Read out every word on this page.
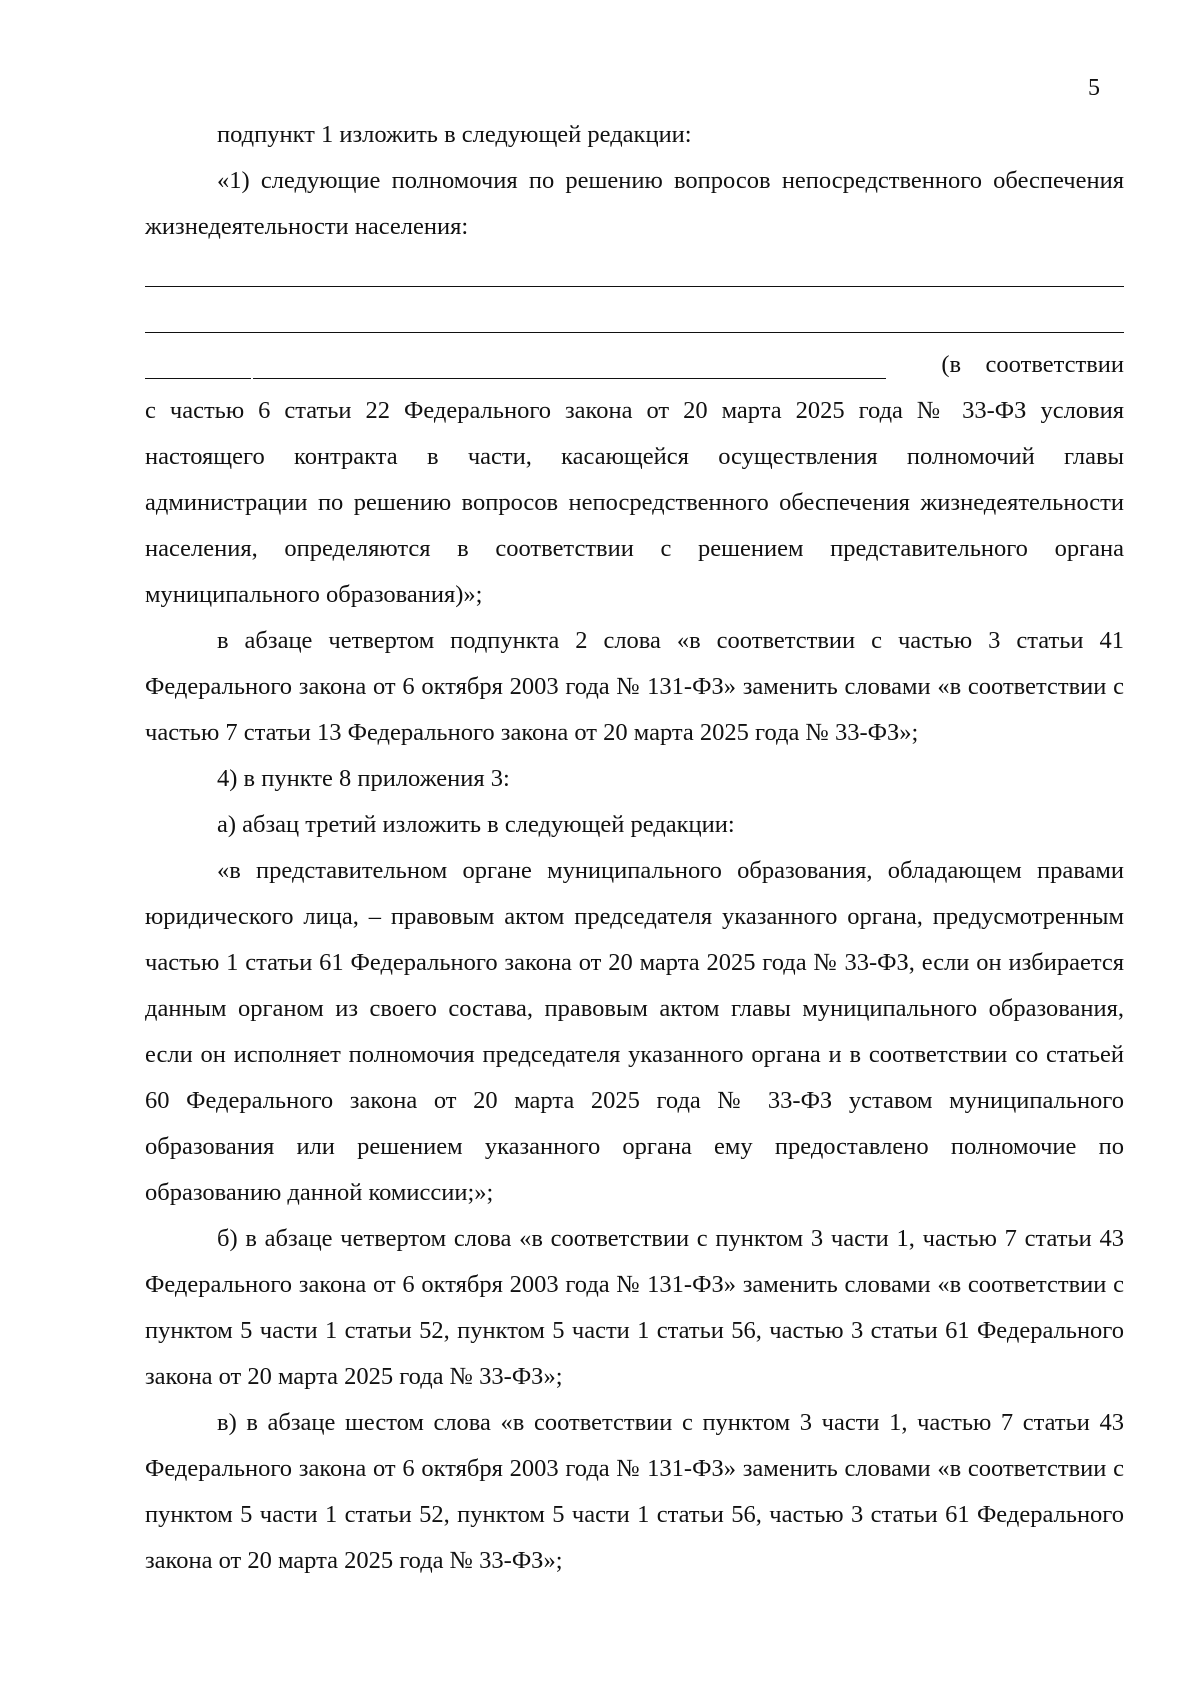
5

подпункт 1 изложить в следующей редакции:

«1) следующие полномочия по решению вопросов непосредственного обеспечения жизнедеятельности населения:

(в    соответствии

с частью 6 статьи 22 Федерального закона от 20 марта 2025 года № 33-ФЗ условия настоящего контракта в части, касающейся осуществления полномочий главы администрации по решению вопросов непосредственного обеспечения жизнедеятельности населения, определяются в соответствии с решением представительного органа муниципального образования)»;

в абзаце четвертом подпункта 2 слова «в соответствии с частью 3 статьи 41 Федерального закона от 6 октября 2003 года № 131-ФЗ» заменить словами «в соответствии с частью 7 статьи 13 Федерального закона от 20 марта 2025 года № 33-ФЗ»;

4) в пункте 8 приложения 3:

а) абзац третий изложить в следующей редакции:

«в представительном органе муниципального образования, обладающем правами юридического лица, – правовым актом председателя указанного органа, предусмотренным частью 1 статьи 61 Федерального закона от 20 марта 2025 года № 33-ФЗ, если он избирается данным органом из своего состава, правовым актом главы муниципального образования, если он исполняет полномочия председателя указанного органа и в соответствии со статьей 60 Федерального закона от 20 марта 2025 года № 33-ФЗ уставом муниципального образования или решением указанного органа ему предоставлено полномочие по образованию данной комиссии;»;

б) в абзаце четвертом слова «в соответствии с пунктом 3 части 1, частью 7 статьи 43 Федерального закона от 6 октября 2003 года № 131-ФЗ» заменить словами «в соответствии с пунктом 5 части 1 статьи 52, пунктом 5 части 1 статьи 56, частью 3 статьи 61 Федерального закона от 20 марта 2025 года № 33-ФЗ»;

в) в абзаце шестом слова «в соответствии с пунктом 3 части 1, частью 7 статьи 43 Федерального закона от 6 октября 2003 года № 131-ФЗ» заменить словами «в соответствии с пунктом 5 части 1 статьи 52, пунктом 5 части 1 статьи 56, частью 3 статьи 61 Федерального закона от 20 марта 2025 года № 33-ФЗ»;
